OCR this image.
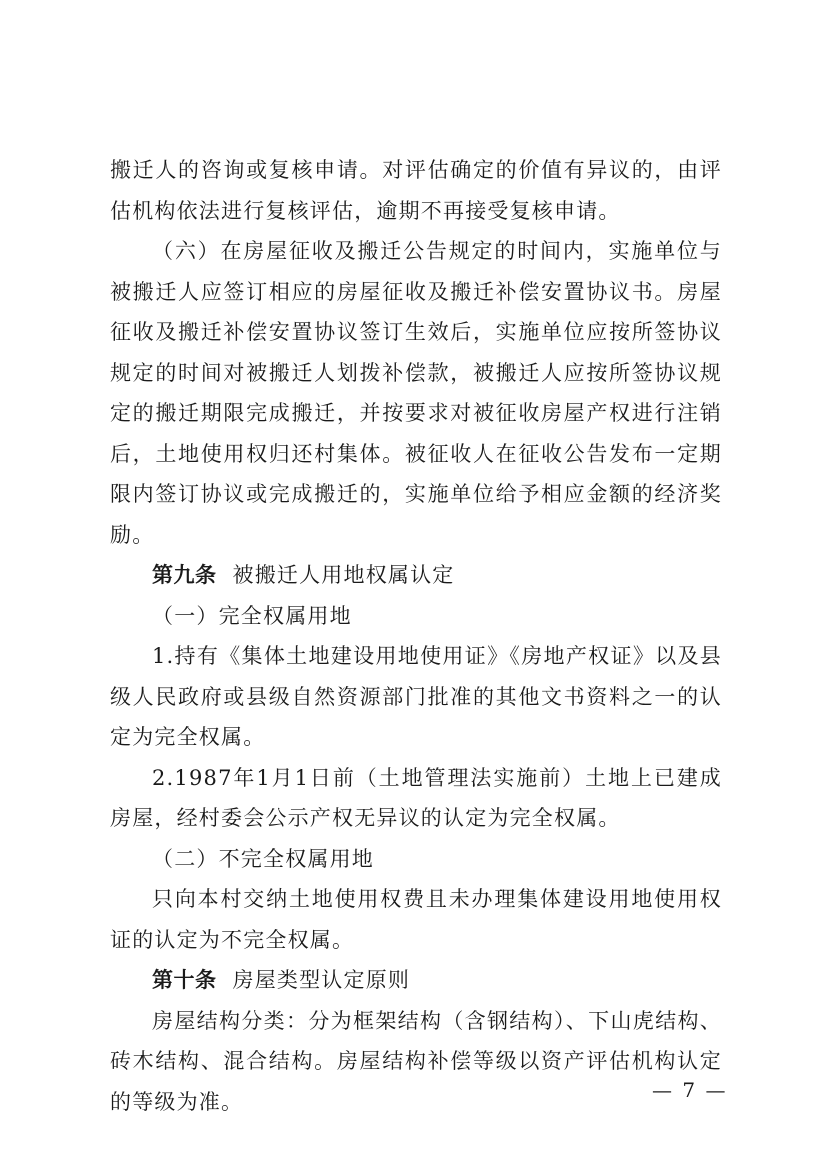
搬迁人的咨询或复核申请。对评估确定的价值有异议的，由评估机构依法进行复核评估，逾期不再接受复核申请。

（六）在房屋征收及搬迁公告规定的时间内，实施单位与被搬迁人应签订相应的房屋征收及搬迁补偿安置协议书。房屋征收及搬迁补偿安置协议签订生效后，实施单位应按所签协议规定的时间对被搬迁人划拨补偿款，被搬迁人应按所签协议规定的搬迁期限完成搬迁，并按要求对被征收房屋产权进行注销后，土地使用权归还村集体。被征收人在征收公告发布一定期限内签订协议或完成搬迁的，实施单位给予相应金额的经济奖励。

第九条 被搬迁人用地权属认定

（一）完全权属用地

1.持有《集体土地建设用地使用证》《房地产权证》以及县级人民政府或县级自然资源部门批准的其他文书资料之一的认定为完全权属。

2.1987年1月1日前（土地管理法实施前）土地上已建成房屋，经村委会公示产权无异议的认定为完全权属。

（二）不完全权属用地

只向本村交纳土地使用权费且未办理集体建设用地使用权证的认定为不完全权属。

第十条 房屋类型认定原则

房屋结构分类：分为框架结构（含钢结构）、下山虎结构、砖木结构、混合结构。房屋结构补偿等级以资产评估机构认定的等级为准。	— 7 —
